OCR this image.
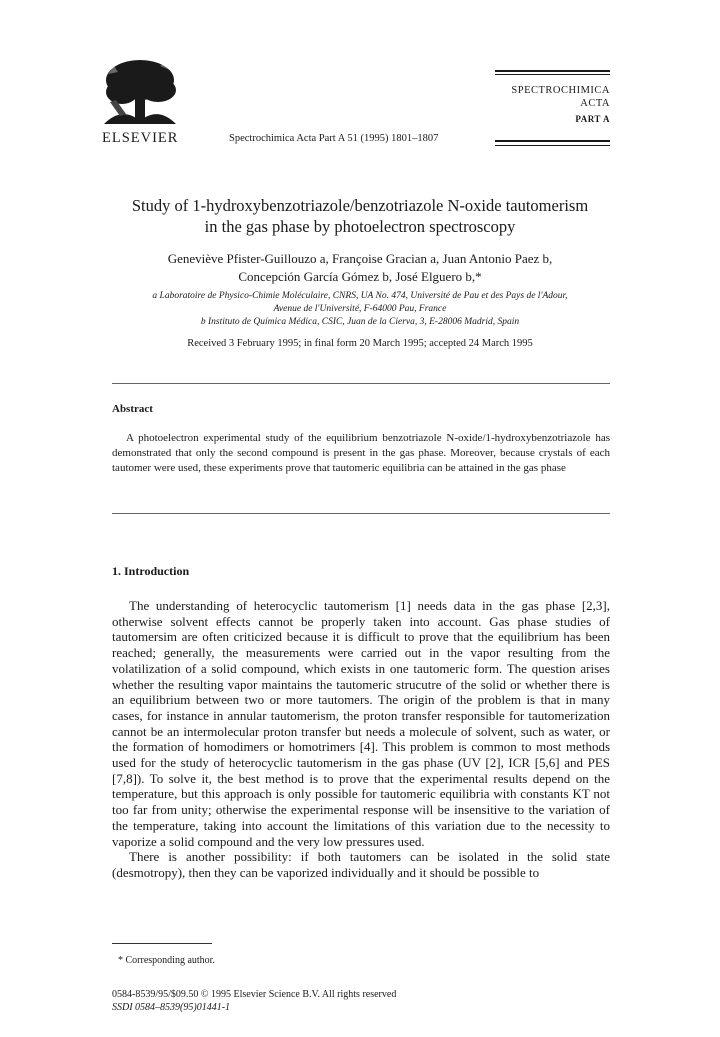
ELSEVIER	Spectrochimica Acta Part A 51 (1995) 1801–1807
SPECTROCHIMICA
ACTA
PART A
Study of 1-hydroxybenzotriazole/benzotriazole N-oxide tautomerism
in the gas phase by photoelectron spectroscopy
Geneviève Pfister-Guillouzo a, Françoise Gracian a, Juan Antonio Paez b,
Concepción García Gómez b, José Elguero b,*
a Laboratoire de Physico-Chimie Moléculaire, CNRS, UA No. 474, Université de Pau et des Pays de l'Adour,
Avenue de l'Université, F-64000 Pau, France
b Instituto de Química Médica, CSIC, Juan de la Cierva, 3, E-28006 Madrid, Spain
Received 3 February 1995; in final form 20 March 1995; accepted 24 March 1995
Abstract
A photoelectron experimental study of the equilibrium benzotriazole N-oxide/1-hydroxybenzotriazole has demonstrated that only the second compound is present in the gas phase. Moreover, because crystals of each tautomer were used, these experiments prove that tautomeric equilibria can be attained in the gas phase
1. Introduction

The understanding of heterocyclic tautomerism [1] needs data in the gas phase [2,3], otherwise solvent effects cannot be properly taken into account. Gas phase studies of tautomersim are often criticized because it is difficult to prove that the equilibrium has been reached; generally, the measurements were carried out in the vapor resulting from the volatilization of a solid compound, which exists in one tautomeric form. The question arises whether the resulting vapor maintains the tautomeric strucutre of the solid or whether there is an equilibrium between two or more tautomers. The origin of the problem is that in many cases, for instance in annular tautomerism, the proton transfer responsible for tautomerization cannot be an intermolecular proton transfer but needs a molecule of solvent, such as water, or the formation of homodimers or homotrimers [4]. This problem is common to most methods used for the study of heterocyclic tautomerism in the gas phase (UV [2], ICR [5,6] and PES [7,8]). To solve it, the best method is to prove that the experimental results depend on the temperature, but this approach is only possible for tautomeric equilibria with constants KT not too far from unity; otherwise the experimental response will be insensitive to the variation of the temperature, taking into account the limitations of this variation due to the necessity to vaporize a solid compound and the very low pressures used.

There is another possibility: if both tautomers can be isolated in the solid state (desmotropy), then they can be vaporized individually and it should be possible to

* Corresponding author.
0584-8539/95/$09.50 © 1995 Elsevier Science B.V. All rights reserved
SSDI 0584–8539(95)01441-1
